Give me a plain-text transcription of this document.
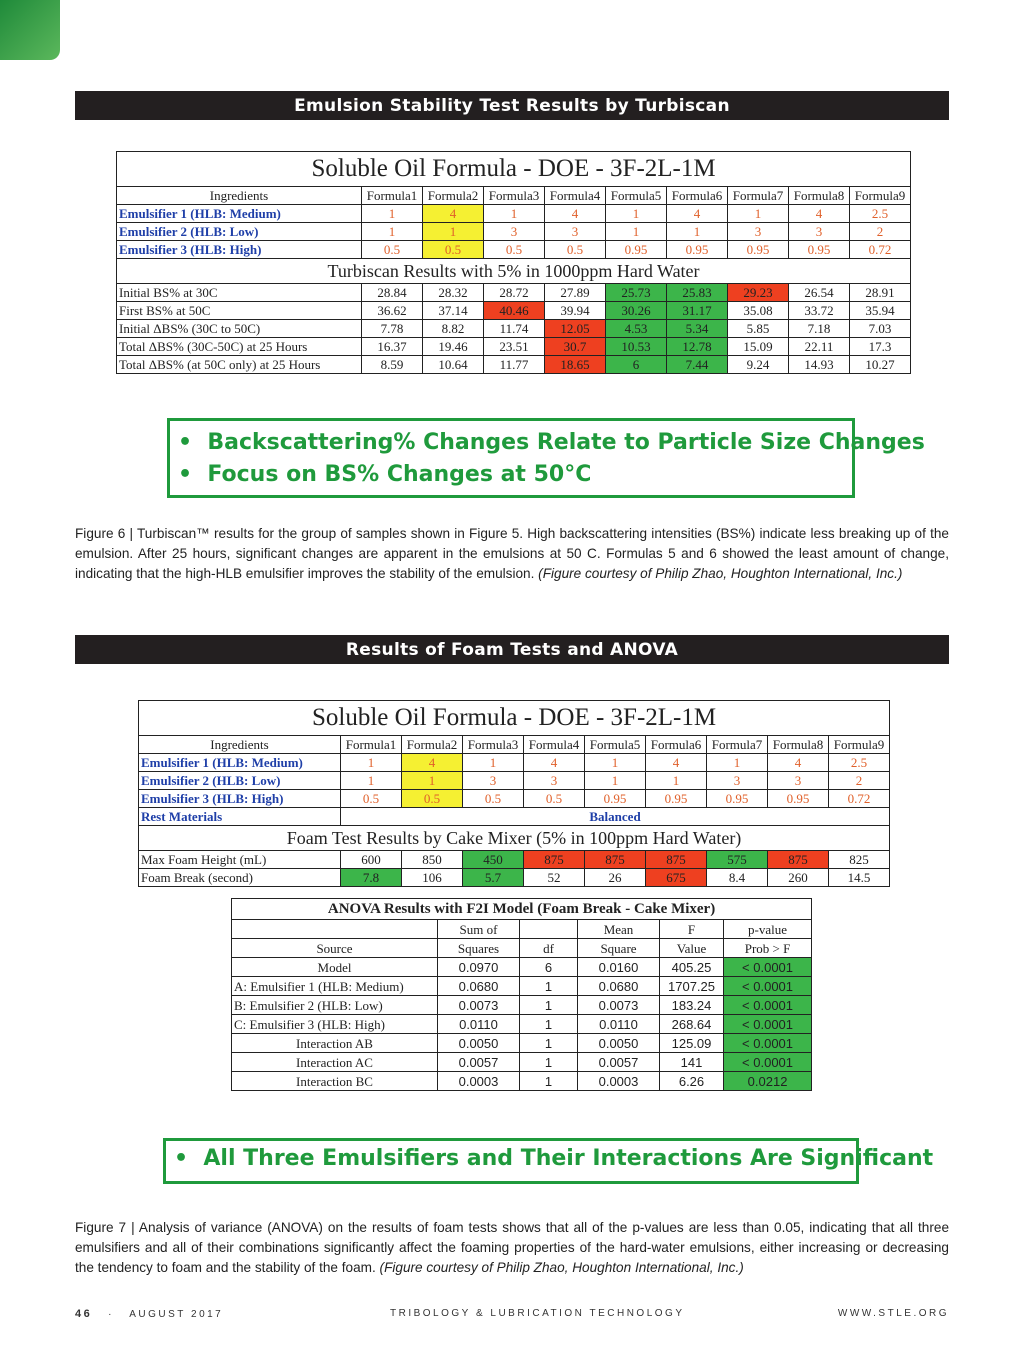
Emulsion Stability Test Results by Turbiscan
Soluble Oil Formula - DOE - 3F-2L-1M									
Ingredients	Formula1	Formula2	Formula3	Formula4	Formula5	Formula6	Formula7	Formula8	Formula9
Emulsifier 1 (HLB: Medium)	1	4	1	4	1	4	1	4	2.5
Emulsifier 2 (HLB: Low)	1	1	3	3	1	1	3	3	2
Emulsifier 3 (HLB: High)	0.5	0.5	0.5	0.5	0.95	0.95	0.95	0.95	0.72
Turbiscan Results with 5% in 1000ppm Hard Water									
Initial BS% at 30C	28.84	28.32	28.72	27.89	25.73	25.83	29.23	26.54	28.91
First BS% at 50C	36.62	37.14	40.46	39.94	30.26	31.17	35.08	33.72	35.94
Initial ΔBS% (30C to 50C)	7.78	8.82	11.74	12.05	4.53	5.34	5.85	7.18	7.03
Total ΔBS% (30C-50C) at 25 Hours	16.37	19.46	23.51	30.7	10.53	12.78	15.09	22.11	17.3
Total ΔBS% (at 50C only) at 25 Hours	8.59	10.64	11.77	18.65	6	7.44	9.24	14.93	10.27
• Backscattering% Changes Relate to Particle Size Changes
• Focus on BS% Changes at 50°C
Figure 6 | Turbiscan™ results for the group of samples shown in Figure 5. High backscattering intensities (BS%) indicate less breaking up of the emulsion. After 25 hours, significant changes are apparent in the emulsions at 50 C. Formulas 5 and 6 showed the least amount of change, indicating that the high-HLB emulsifier improves the stability of the emulsion. (Figure courtesy of Philip Zhao, Houghton International, Inc.)
Results of Foam Tests and ANOVA
Soluble Oil Formula - DOE - 3F-2L-1M									
Ingredients	Formula1	Formula2	Formula3	Formula4	Formula5	Formula6	Formula7	Formula8	Formula9
Emulsifier 1 (HLB: Medium)	1	4	1	4	1	4	1	4	2.5
Emulsifier 2 (HLB: Low)	1	1	3	3	1	1	3	3	2
Emulsifier 3 (HLB: High)	0.5	0.5	0.5	0.5	0.95	0.95	0.95	0.95	0.72
Rest Materials	Balanced								
Foam Test Results by Cake Mixer (5% in 100ppm Hard Water)									
Max Foam Height (mL)	600	850	450	875	875	875	575	875	825
Foam Break (second)	7.8	106	5.7	52	26	675	8.4	260	14.5
ANOVA Results with F2I Model (Foam Break - Cake Mixer)					
	Sum of		Mean	F	p-value
Source	Squares	df	Square	Value	Prob > F
Model	0.0970	6	0.0160	405.25	< 0.0001
A: Emulsifier 1 (HLB: Medium)	0.0680	1	0.0680	1707.25	< 0.0001
B: Emulsifier 2 (HLB: Low)	0.0073	1	0.0073	183.24	< 0.0001
C: Emulsifier 3 (HLB: High)	0.0110	1	0.0110	268.64	< 0.0001
Interaction AB	0.0050	1	0.0050	125.09	< 0.0001
Interaction AC	0.0057	1	0.0057	141	< 0.0001
Interaction BC	0.0003	1	0.0003	6.26	0.0212
• All Three Emulsifiers and Their Interactions Are Significant
Figure 7 | Analysis of variance (ANOVA) on the results of foam tests shows that all of the p-values are less than 0.05, indicating that all three emulsifiers and all of their combinations significantly affect the foaming properties of the hard-water emulsions, either increasing or decreasing the tendency to foam and the stability of the foam. (Figure courtesy of Philip Zhao, Houghton International, Inc.)
46 · AUGUST 2017	TRIBOLOGY & LUBRICATION TECHNOLOGY	WWW.STLE.ORG
